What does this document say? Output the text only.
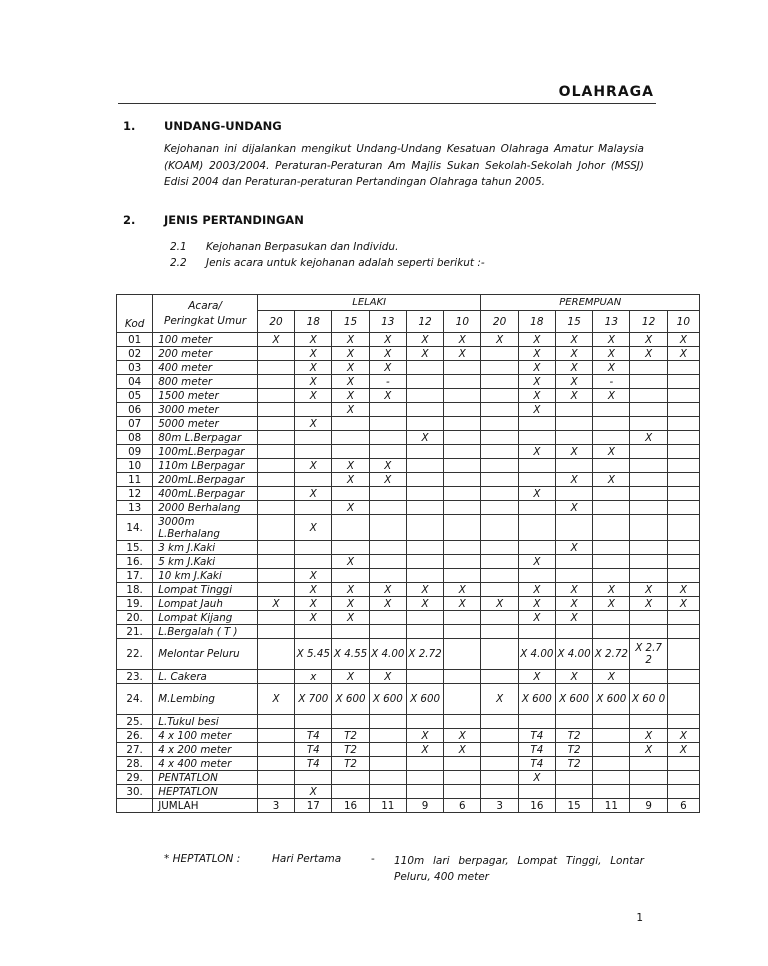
OLAHRAGA
1. UNDANG-UNDANG
Kejohanan ini dijalankan mengikut Undang-Undang Kesatuan Olahraga Amatur Malaysia (KOAM) 2003/2004. Peraturan-Peraturan Am Majlis Sukan Sekolah-Sekolah Johor (MSSJ) Edisi 2004 dan Peraturan-peraturan Pertandingan Olahraga tahun 2005.
2. JENIS PERTANDINGAN
2.1 Kejohanan Berpasukan dan Individu.
2.2 Jenis acara untuk kejohanan adalah seperti berikut :-
Kod	Acara/
Peringkat Umur	LELAKI						PEREMPUAN					
		20	18	15	13	12	10	20	18	15	13	12	10
01	100 meter	X	X	X	X	X	X	X	X	X	X	X	X
02	200 meter		X	X	X	X	X		X	X	X	X	X
03	400 meter		X	X	X				X	X	X		
04	800 meter		X	X	-				X	X	-		
05	1500 meter		X	X	X				X	X	X		
06	3000 meter			X					X				
07	5000 meter		X										
08	80m L.Berpagar					X						X	
09	100mL.Berpagar								X	X	X		
10	110m LBerpagar		X	X	X								
11	200mL.Berpagar			X	X					X	X		
12	400mL.Berpagar		X						X				
13	2000 Berhalang			X						X			
14.	3000m L.Berhalang		X										
15.	3 km J.Kaki									X			
16.	5 km J.Kaki			X					X				
17.	10 km J.Kaki		X										
18.	Lompat Tinggi		X	X	X	X	X		X	X	X	X	X
19.	Lompat Jauh	X	X	X	X	X	X	X	X	X	X	X	X
20.	Lompat Kijang		X	X					X	X			
21.	L.Bergalah ( T )												
22.	Melontar Peluru		X 5.45	X 4.55	X 4.00	X 2.72			X 4.00	X 4.00	X 2.72	X 2.7 2	
23.	L. Cakera		x	X	X				X	X	X		
24.	M.Lembing	X	X 700	X 600	X 600	X 600		X	X 600	X 600	X 600	X 60 0	
25.	L.Tukul besi												
26.	4 x 100 meter		T4	T2		X	X		T4	T2		X	X
27.	4 x 200 meter		T4	T2		X	X		T4	T2		X	X
28.	4 x 400 meter		T4	T2					T4	T2			
29.	PENTATLON								X				
30.	HEPTATLON		X										
	JUMLAH	3	17	16	11	9	6	3	16	15	11	9	6
* HEPTATLON :	Hari Pertama	- 110m lari berpagar, Lompat Tinggi, Lontar Peluru, 400 meter
1
